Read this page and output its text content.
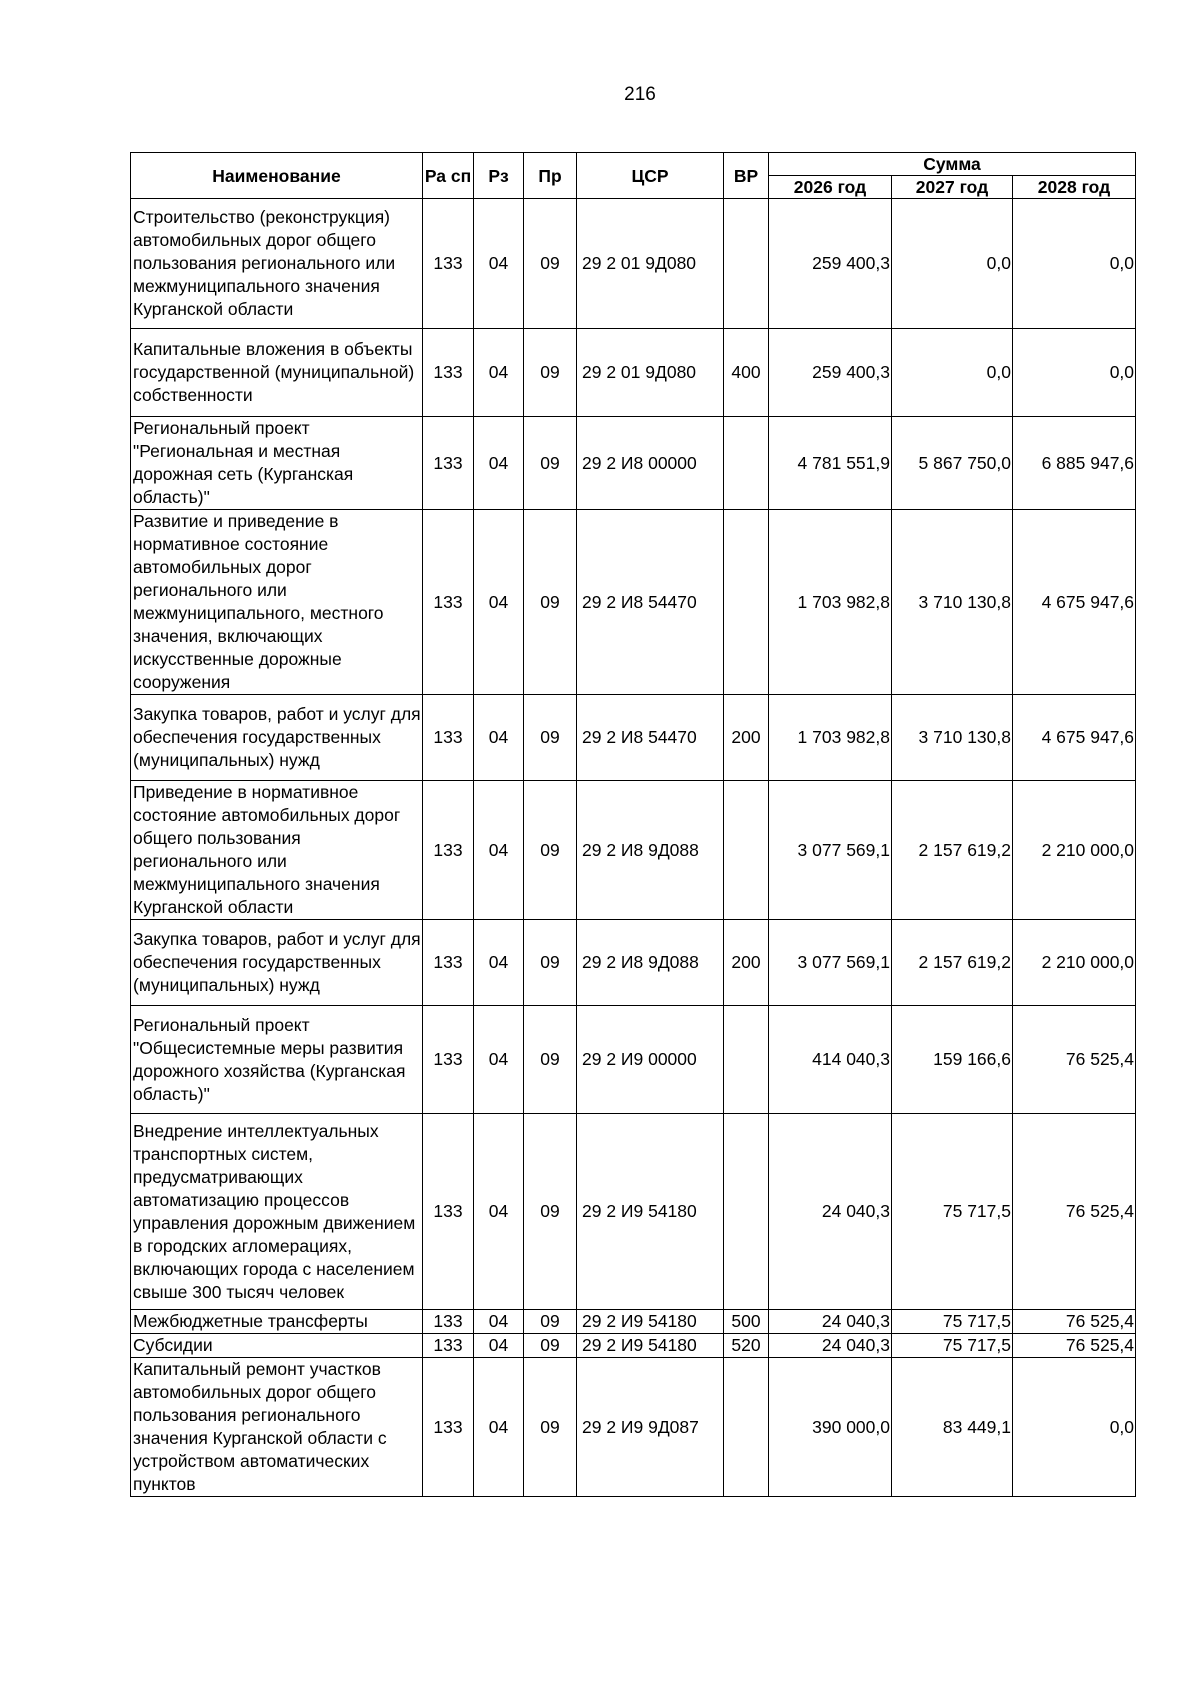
216
Наименование	Ра сп	Рз	Пр	ЦСР	ВР	Сумма		
						2026 год	2027 год	2028 год
Строительство (реконструкция) автомобильных дорог общего пользования регионального или межмуниципального значения Курганской области	133	04	09	29 2 01 9Д080		259 400,3	0,0	0,0
Капитальные вложения в объекты государственной (муниципальной) собственности	133	04	09	29 2 01 9Д080	400	259 400,3	0,0	0,0
Региональный проект "Региональная и местная дорожная сеть (Курганская область)"	133	04	09	29 2 И8 00000		4 781 551,9	5 867 750,0	6 885 947,6
Развитие и приведение в нормативное состояние автомобильных дорог регионального или межмуниципального, местного значения, включающих искусственные дорожные сооружения	133	04	09	29 2 И8 54470		1 703 982,8	3 710 130,8	4 675 947,6
Закупка товаров, работ и услуг для обеспечения государственных (муниципальных) нужд	133	04	09	29 2 И8 54470	200	1 703 982,8	3 710 130,8	4 675 947,6
Приведение в нормативное состояние автомобильных дорог общего пользования регионального или межмуниципального значения Курганской области	133	04	09	29 2 И8 9Д088		3 077 569,1	2 157 619,2	2 210 000,0
Закупка товаров, работ и услуг для обеспечения государственных (муниципальных) нужд	133	04	09	29 2 И8 9Д088	200	3 077 569,1	2 157 619,2	2 210 000,0
Региональный проект "Общесистемные меры развития дорожного хозяйства (Курганская область)"	133	04	09	29 2 И9 00000		414 040,3	159 166,6	76 525,4
Внедрение интеллектуальных транспортных систем, предусматривающих автоматизацию процессов управления дорожным движением в городских агломерациях, включающих города с населением свыше 300 тысяч человек	133	04	09	29 2 И9 54180		24 040,3	75 717,5	76 525,4
Межбюджетные трансферты	133	04	09	29 2 И9 54180	500	24 040,3	75 717,5	76 525,4
Субсидии	133	04	09	29 2 И9 54180	520	24 040,3	75 717,5	76 525,4
Капитальный ремонт участков автомобильных дорог общего пользования регионального значения Курганской области с устройством автоматических пунктов	133	04	09	29 2 И9 9Д087		390 000,0	83 449,1	0,0
